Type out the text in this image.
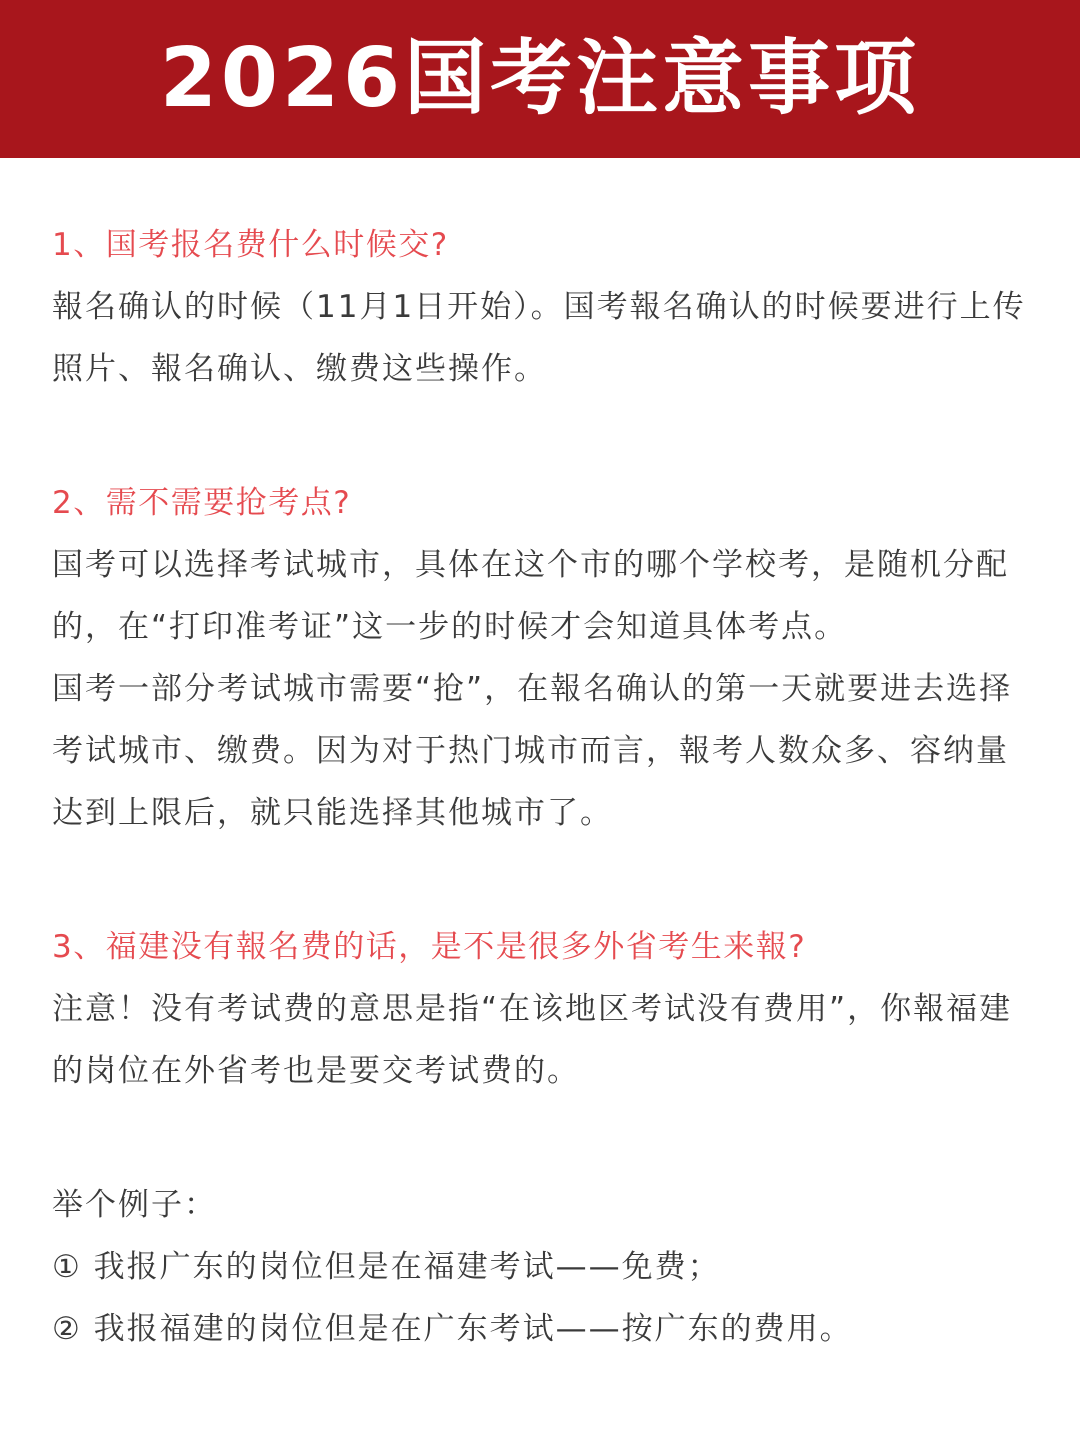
2026国考注意事项
1、国考报名费什么时候交?

報名确认的时候（11月1日开始）。国考報名确认的时候要进行上传照片、報名确认、缴费这些操作。

2、需不需要抢考点?

国考可以选择考试城市，具体在这个市的哪个学校考，是随机分配的，在“打印准考证”这一步的时候才会知道具体考点。

国考一部分考试城市需要“抢”，在報名确认的第一天就要进去选择考试城市、缴费。因为对于热门城市而言，報考人数众多、容纳量达到上限后，就只能选择其他城市了。

3、福建没有報名费的话，是不是很多外省考生来報?

注意！没有考试费的意思是指“在该地区考试没有费用”，你報福建的岗位在外省考也是要交考试费的。

举个例子：
① 我报广东的岗位但是在福建考试——免费；
② 我报福建的岗位但是在广东考试——按广东的费用。
